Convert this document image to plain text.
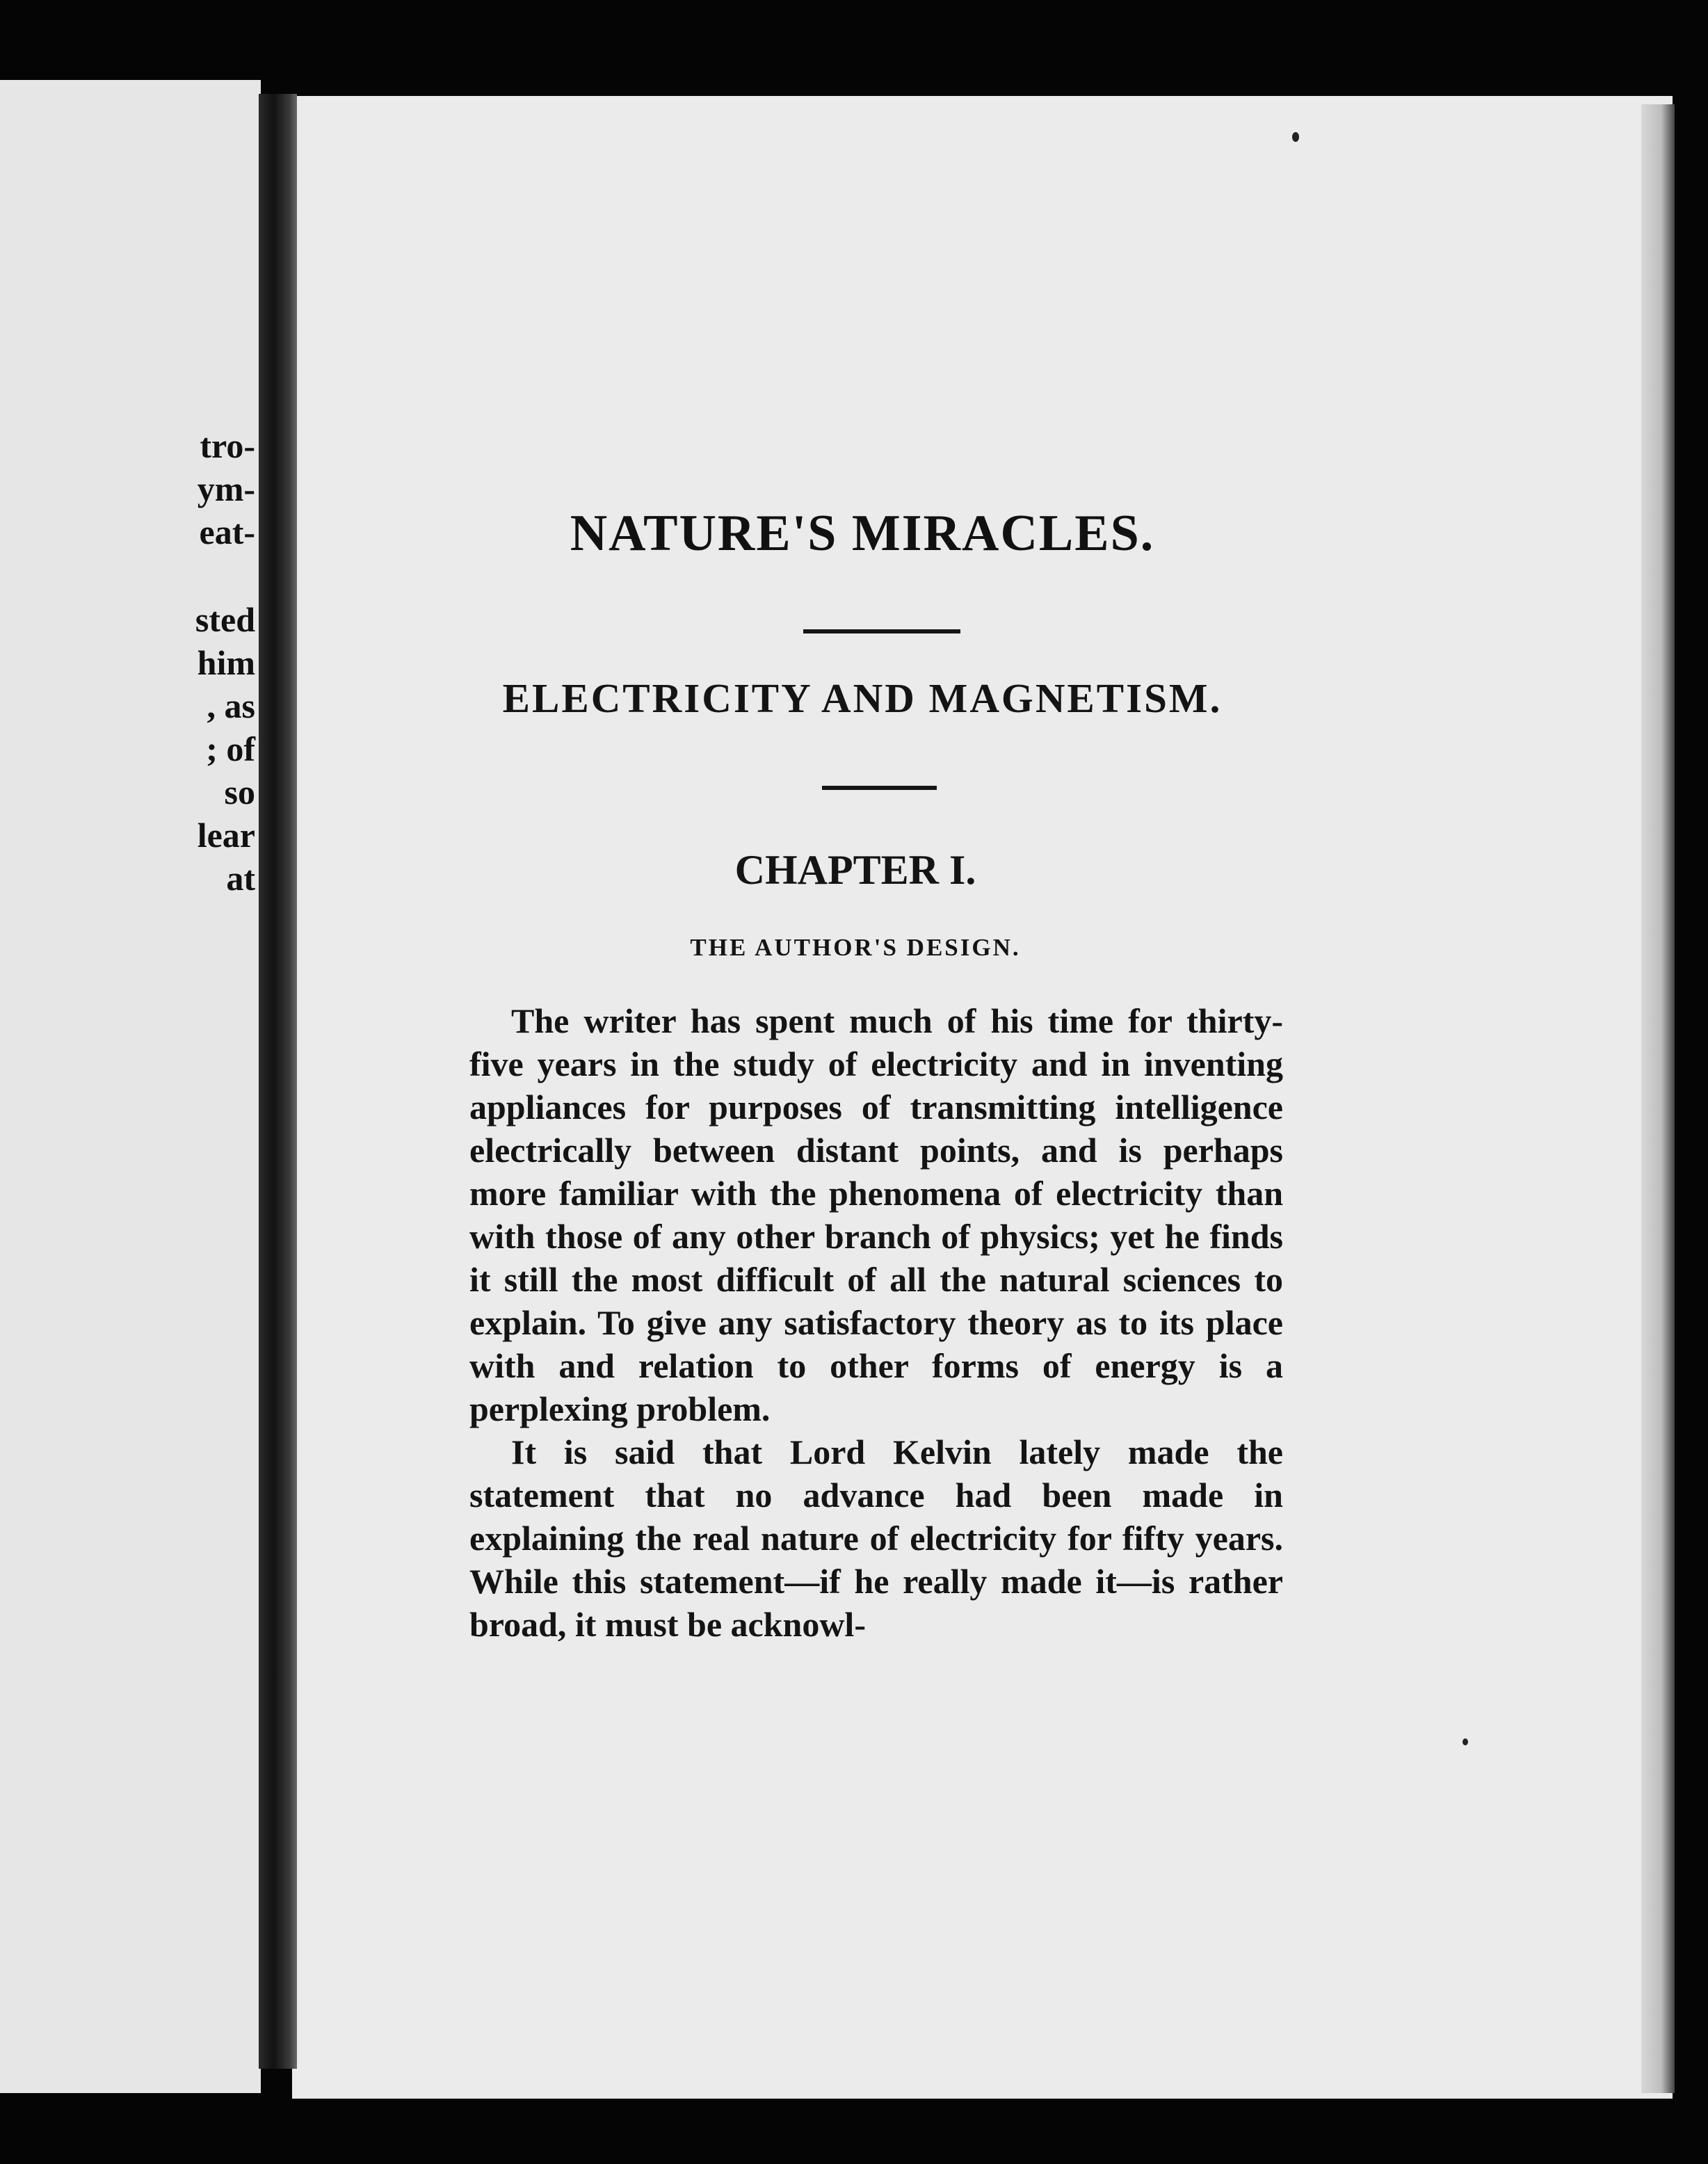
tro-
ym-
eat-
sted
him
, as
; of
so
lear
at
NATURE'S MIRACLES.
ELECTRICITY AND MAGNETISM.
CHAPTER I.
THE AUTHOR'S DESIGN.

The writer has spent much of his time for thirty-five years in the study of electricity and in inventing appliances for purposes of transmitting intelligence electrically between distant points, and is perhaps more familiar with the phenomena of electricity than with those of any other branch of physics; yet he finds it still the most difficult of all the natural sciences to explain. To give any satisfactory theory as to its place with and relation to other forms of energy is a perplexing problem.

It is said that Lord Kelvin lately made the statement that no advance had been made in explaining the real nature of electricity for fifty years. While this statement—if he really made it—is rather broad, it must be acknowl-
